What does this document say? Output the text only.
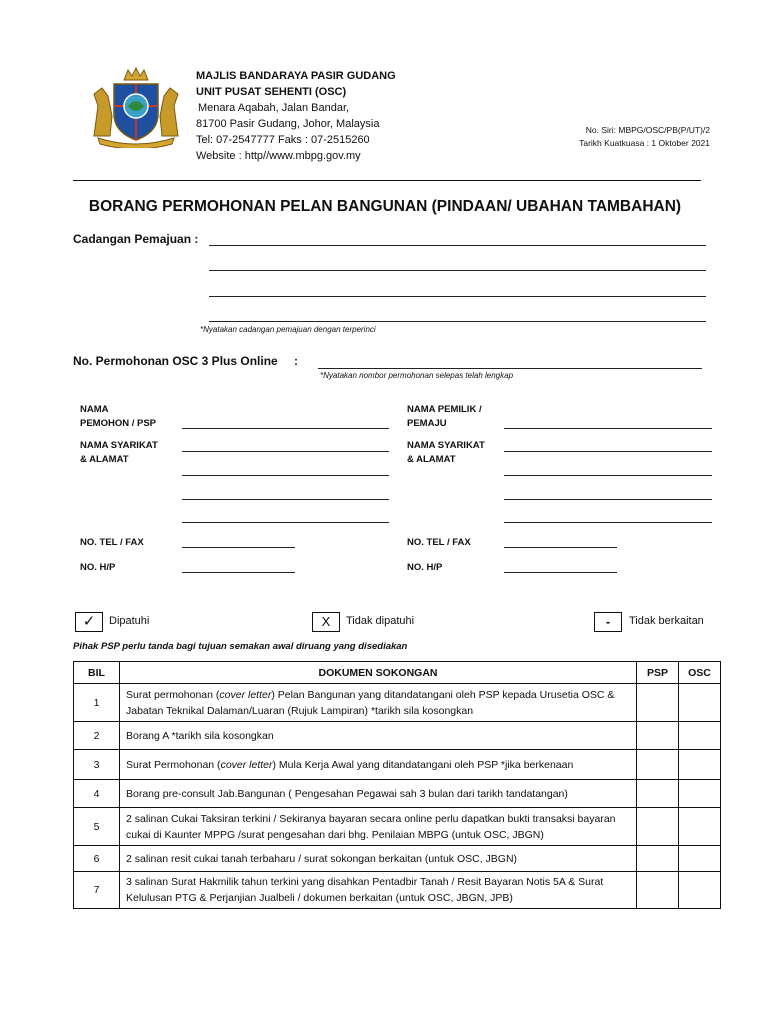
MAJLIS BANDARAYA PASIR GUDANG
UNIT PUSAT SEHENTI (OSC)
Menara Aqabah, Jalan Bandar,
81700 Pasir Gudang, Johor, Malaysia
Tel: 07-2547777 Faks : 07-2515260
Website : http//www.mbpg.gov.my
No. Siri: MBPG/OSC/PB(P/UT)/2
Tarikh Kuatkuasa : 1 Oktober 2021
BORANG PERMOHONAN PELAN BANGUNAN (PINDAAN/ UBAHAN TAMBAHAN)
Cadangan Pemajuan :
*Nyatakan cadangan pemajuan dengan terperinci
No. Permohonan OSC 3 Plus Online :
*Nyatakan nombor permohonan selepas telah lengkap
NAMA
PEMOHON / PSP
NAMA SYARIKAT
& ALAMAT
NO. TEL / FAX
NO. H/P
NAMA PEMILIK /
PEMAJU
NAMA SYARIKAT
& ALAMAT
NO. TEL / FAX
NO. H/P
✓	Dipatuhi	X	Tidak dipatuhi	-	Tidak berkaitan
Pihak PSP perlu tanda bagi tujuan semakan awal diruang yang disediakan
BIL	DOKUMEN SOKONGAN	PSP	OSC
1	Surat permohonan (cover letter) Pelan Bangunan yang ditandatangani oleh PSP kepada Urusetia OSC & Jabatan Teknikal Dalaman/Luaran (Rujuk Lampiran) *tarikh sila kosongkan		
2	Borang A *tarikh sila kosongkan		
3	Surat Permohonan (cover letter) Mula Kerja Awal yang ditandatangani oleh PSP *jika berkenaan		
4	Borang pre-consult Jab.Bangunan ( Pengesahan Pegawai sah 3 bulan dari tarikh tandatangan)		
5	2 salinan Cukai Taksiran terkini / Sekiranya bayaran secara online perlu dapatkan bukti transaksi bayaran cukai di Kaunter MPPG /surat pengesahan dari bhg. Penilaian MBPG (untuk OSC, JBGN)		
6	2 salinan resit cukai tanah terbaharu / surat sokongan berkaitan (untuk OSC, JBGN)		
7	3 salinan Surat Hakmilik tahun terkini yang disahkan Pentadbir Tanah / Resit Bayaran Notis 5A & Surat Kelulusan PTG & Perjanjian Jualbeli / dokumen berkaitan (untuk OSC, JBGN, JPB)		
